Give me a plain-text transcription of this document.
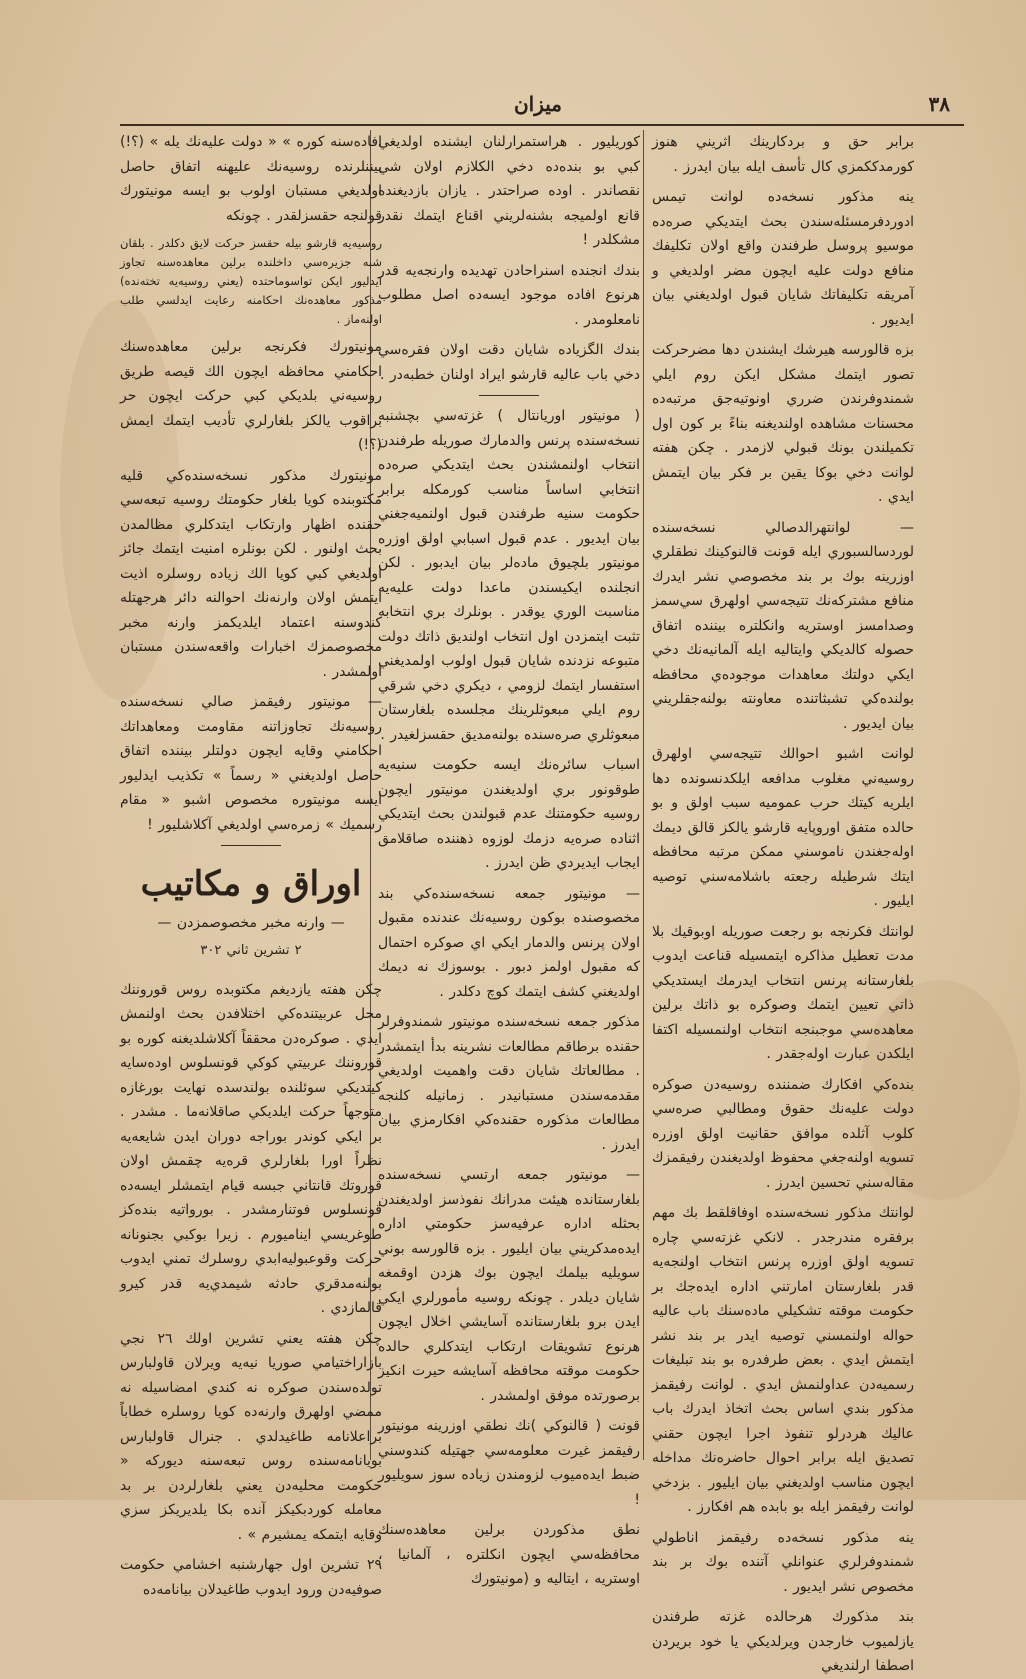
٣٨
ميزان

برابر حق و بردكارينك اثريني هنوز كورمدككمزي كال تأسف ايله بيان ايدرز .

ينه مذكور نسخه‌ده لوانت تيمس ادوردفرمسئله‌سندن بحث ايتديكي صره‌ده موسيو پروسل طرفندن واقع اولان تكليفك منافع دولت عليه ايچون مضر اولديغي و آمريقه تكليفاتك شايان قبول اولديغني بيان ايديور .

بزه قالورسه هيرشك ايشندن دها مضرحركت تصور ايتمك مشكل ايكن روم ايلي شمندوفرندن ضرري اونوتيه‌جق مرتبه‌ده محسنات مشاهده اولنديغنه بناءً بر كون اول تكميلندن بونك قبولي لازمدر . چكن هفته لوانت دخي بوكا يقين بر فكر بيان ايتمش ايدي .

— لوانتهرالدصالي نسخه‌سنده لوردسالسبوري ايله قونت قالنوكينك نطقلري اوزرينه بوك بر بند مخصوصي نشر ايدرك منافع مشتركه‌نك تتيجه‌سي اولهرق سي‌سمز وصدامسز اوستريه وانكلتره بيننده اتفاق حصوله كالديكي وايتاليه ايله آلمانيه‌نك دخي ايكي دولتك معاهدات موجوده‌ي محافظه بولنده‌كي تشبثاتنده معاونته بولنه‌جقلريني بيان ايديور .

لوانت اشبو احوالك تتيجه‌سي اولهرق روسيه‌ني مغلوب مدافعه ايلكدنسونده دها ايلريه كيتك حرب عموميه سبب اولق و بو حالده متفق اوروپايه قارشو يالكز قالق ديمك اوله‌جغندن ناموسني ممكن مرتبه محافظه ايتك شرطيله رجعته باشلامه‌سني توصيه ايليور .

لوانتك فكرنجه بو رجعت صوريله اوبوقيك بلا مدت تعطيل مذاكره ايتمسيله قناعت ايدوب بلغارستانه پرنس انتخاب ايدرمك ايستديكي ذاتي تعيين ايتمك وصوكره بو ذاتك برلين معاهده‌سي موجبنجه انتخاب اولنمسيله اكتفا ايلكدن عبارت اوله‌جقدر .

بنده‌كي افكارك ضمننده روسيه‌دن صوكره دولت عليه‌نك حقوق ومطالبي صره‌سي كلوب آثلده موافق حقانيت اولق اوزره تسويه اولنه‌جغي محفوظ اولديغندن رفيقمزك مقاله‌سني تحسين ايدرز .

لوانتك مذكور نسخه‌سنده اوفاقلقط بك مهم برفقره مندرجدر . لانكي غزته‌سي چاره‌ تسويه اولق اوزره پرنس انتخاب اولنجه‌يه قدر بلغارستان امارتني اداره ايده‌جك بر حكومت موقته تشكيلي ماده‌سنك باب عاليه حواله اولنمسني توصيه ايدر بر بند نشر ايتمش ايدي . بعض طرفدره بو بند تبليغات رسميه‌دن عداولنمش ايدي . لوانت رفيقمز مذكور بندي اساس بحث اتخاذ ايدرك باب عاليك هردرلو تنفوذ اجرا ايچون حقني تصديق ايله برابر احوال حاضره‌نك مداخله ايچون مناسب اولديغني بيان ايليور . بزدخي لوانت رفيقمز ايله بو بابده هم افكارز .

ينه مذكور نسخه‌ده رفيقمز اناطولي شمندوفرلري عنوانلي آتنده بوك بر بند مخصوص نشر ايديور .

بند مذكورك هرحالده غزته طرفندن يازلميوب خارجدن ويرلديكي يا خود بريردن اصطفا ارلنديغي

كوريليور . هراستمرارلنان ايشنده اولديغي كبي بو بنده‌ده دخي الكلازم اولان شي نقصاندر . اوده صراحتدر . يازان بازديغنده قانع اولميجه بشنه‌لريني اقناع ايتمك نقدر مشكلدر !

بندك انجنده اسنراحادن تهديده وارنجه‌يه قدر هرنوع افاده موجود ايسه‌ده اصل مطلوب نامعلومدر .

بندك الگزياده شايان دقت اولان فقره‌سي دخي باب عاليه قارشو ايراد اولنان خطبه‌در .

( مونيتور اوريانتال ) غزته‌سي بچشنبه نسخه‌سنده پرنس والدمارك صوريله طرفندن انتخاب اولنمشندن بحث ايتديكي صره‌ده انتخابي اساساً مناسب كورمكله برابر حكومت سنيه طرفندن قبول اولنميه‌جغني بيان ايديور . عدم قبول اسبابي اولق اوزره مونيتور بلچيوق ماده‌لر بيان ايدبور . لكن انجلنده ايكيسندن ماعدا دولت عليه‌يه مناسبت الوري يوقدر . بونلرك بري انتخابه تثبت ايتمزدن اول انتخاب اولنديق ذاتك دولت متبوعه نزدنده شايان قبول اولوب اولمديغني استفسار ايتمك لزومي ، ديكري دخي شرقي روم ايلي مبعوثلرينك مجلسده بلغارستان مبعوثلري صره‌سنده بولنه‌مديق حقسزلغيدر .

اسباب سائره‌نك ايسه حكومت سنيه‌يه طوقونور بري اولديغندن مونيتور ايچون روسيه حكومتنك عدم قبولندن بحث ايتديكي اثناده صره‌يه دزمك لوزوه ذهننده صاقلامق ايجاب ايديردي ظن ايدرز .

— مونيتور جمعه نسخه‌سنده‌كي بند مخصوصنده بوكون روسيه‌نك عندنده مقبول اولان پرنس والدمار ايكي اي صوكره احتمال كه مقبول اولمز دبور . بوسوزك نه ديمك اولديغني كشف ايتمك كوچ دكلدر .

مذكور جمعه نسخه‌سنده مونيتور شمندوفرلر حقنده برطاقم مطالعات نشرينه بدأ ايتمشدر . مطالعاتك شايان دقت واهميت اولديغي مقدمه‌سندن مستبانيدر . زمانيله كلنجه مطالعات مذكوره حقنده‌كي افكارمزي بيان ايدرز .

— مونيتور جمعه ارتسي نسخه‌سنده بلغارستانده هيئت مدرانك نفوذسز اولديغندن بحثله اداره عرفيه‌سز حكومتي اداره ايده‌مدكريني بيان ايليور . بزه قالورسه بوني سويليه‌ بيلمك ايچون بوك هزدن اوقمغه شايان ديلدر . چونكه روسيه مأمورلري ايكي ايدن برو بلغارستانده آسايشي اخلال ايچون هرنوع تشويقات ارتكاب ايتدكلري حالده حكومت موقته محافظه آسايشه حيرت انكيز برصورتده موفق اولمشدر .

قونت ( قالنوكي )نك نطقي اوزرينه مونيتور رفيقمز غيرت معلومه‌سي جهتيله كندوسني ضبط ايده‌ميوب لزومندن زياده سوز سويليور !

نطق مذكوردن برلين معاهده‌سنك محافظه‌سي ايچون انكلتره‌ ، آلمانيا ، اوستريه‌ ، ايتاليه و (مونيتورك

افاده‌سنه كوره » « دولت عليه‌نك يله » (؟!) بيننلرنده روسيه‌نك عليهنه اتفاق حاصل اولديغي مستبان اولوب بو ايسه مونيتورك قولنجه حقسزلقدر . چونكه

روسيه‌يه قارشو بيله حقسز حركت لايق دكلدر . بلقان شبه جزيره‌سي داخلنده برلين معاهده‌سنه تجاوز ايدليور ايكن تواسوماحتده (يعني روسيه‌يه تخته‌نده) مذكور معاهده‌نك احكامنه رعايت ايدلسي طلب اولنه‌ماز .

مونيتورك فكرنجه برلين معاهده‌سنك احكامني محافظه ايچون الك قيصه طريق روسيه‌ني بلديكي كبي حركت ايچون حر براقوب يالكز بلغارلري تأديب ايتمك ايمش (؟!)

مونيتورك مذكور نسخه‌سنده‌كي قليه مكتوبنده كويا بلغار حكومتك روسيه تبعه‌سي حقنده اظهار وارتكاب ايتدكلري مظالمدن بحث اولنور . لكن بونلره امنيت ايتمك جائز اولديغي كبي كويا الك زياده روسلره اذيت ايتمش اولان وارنه‌نك احوالنه دائر هرجهتله كندوسنه اعتماد ايلديكمز وارنه مخبر مخصوصمزك اخبارات واقعه‌سندن مستبان اولمشدر .

— مونيتور رفيقمز صالي نسخه‌سنده روسيه‌نك تجاوزاتنه مقاومت ومعاهداتك احكامني وقايه ايچون دولتلر بيننده اتفاق حاصل اولديغني « رسماً » تكذيب ايدليور ايسه مونيتوره مخصوص اشبو « مقام رسميك » زمره‌سي اولديغي آكلاشليور !

اوراق و مكاتيب
— وارنه مخبر مخصوصمزدن —
٢ تشرين ثاني ٣٠٢

چكن هفته يازديغم مكتوبده روس قوروننك محل عربيتنده‌كي اختلافدن بحث اولنمش ايدي . صوكره‌دن محققاً آكلاشلديغنه كوره بو قوروننك عربيتي كوكي قونسلوس اوده‌سايه كيتديكي سوئلنده بولندسده نهايت بورغازه متوجهاً حركت ايلديكي صاقلانه‌ما . مشدر . بر ايكي كوندر بورا‌جه دوران ايدن شايعه‌يه نظراً اورا بلغارلري قره‌يه چقمش اولان قوروتك قانتاني جبسه قيام ايتمشلر ايسه‌ده قونسلوس فوتنارمشدر . بورواتيه بنده‌كز طوغريسي ايناميورم . زيرا بوكبي بجنونانه حركت وقوعبوليه‌ابدي روسلرك تمني ايدوب بولنه‌مدقري حادثه شيمدي‌يه قدر كيرو قالمازدي .

چكن هفته يعني تشرين اولك ٢٦ نجي بازاراختيامي صوريا نيه‌يه ويرلان قاولبارس تولده‌سندن صوكره نه كندي امضاسيله نه ممضي اولهرق وارنه‌ده كويا روسلره خطاباً براعلانامه طاغيدلدي . جنرال قاولبارس بويانامه‌سنده روس تبعه‌سنه ديوركه « حكومت محليه‌دن يعني بلغارلردن بر بد معامله كوردبكيكز آنده بكا يلديريكز سزي وقايه ايتمكه يمشيرم » .

٢٩ تشرين اول جهارشنبه اخشامي حكومت صوفيه‌دن ورود ايدوب طاغيدلان بيانامه‌ده
